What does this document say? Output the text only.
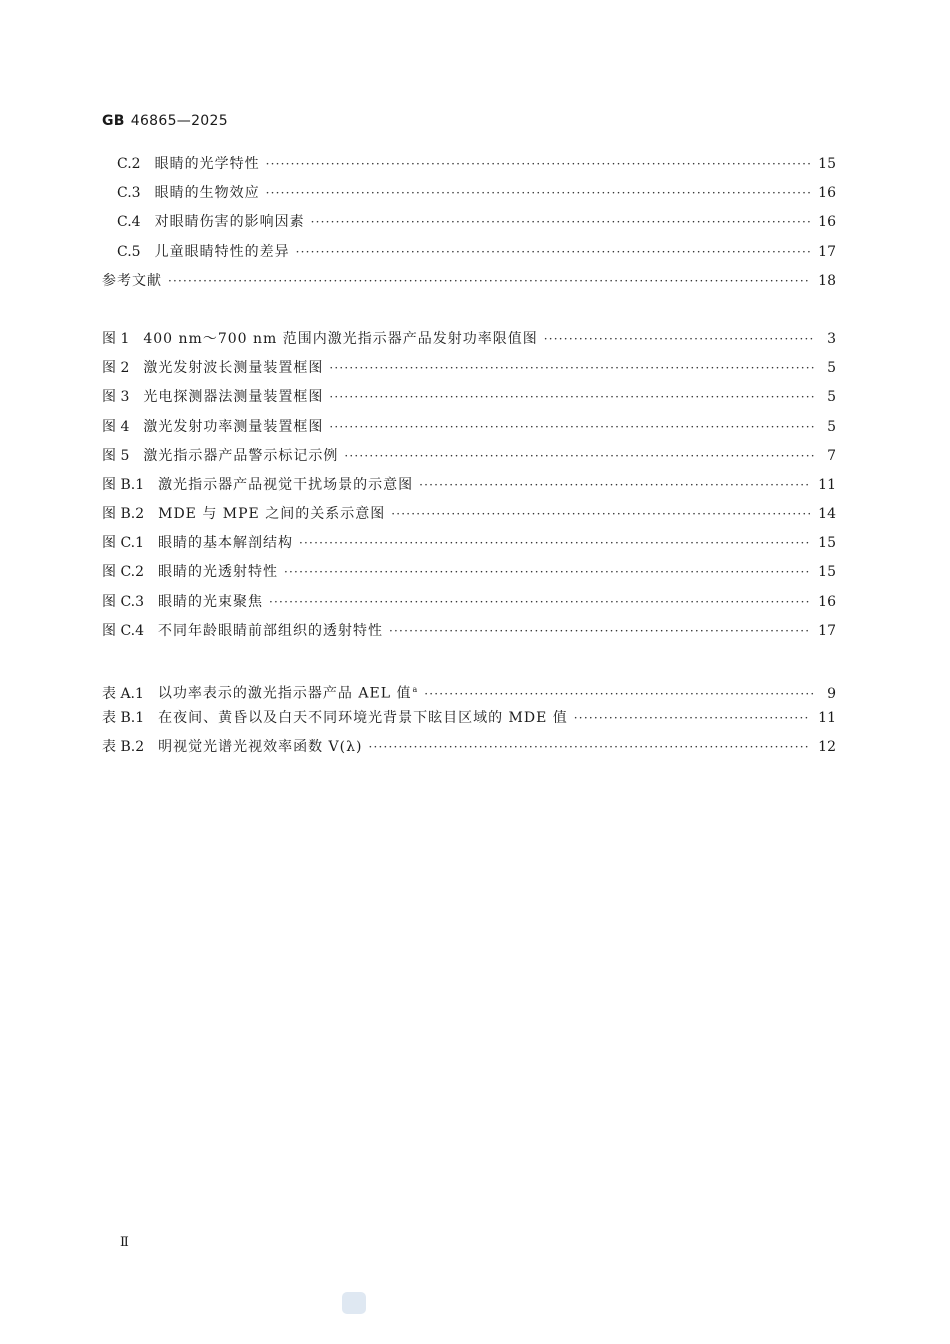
GB 46865—2025
C.2 眼睛的光学特性 ·····	15
C.3 眼睛的生物效应 ·····	16
C.4 对眼睛伤害的影响因素 ·····	16
C.5 儿童眼睛特性的差异 ·····	17
参考文献 ·····	18
图 1 400 nm～700 nm 范围内激光指示器产品发射功率限值图 ·····	3
图 2 激光发射波长测量装置框图 ·····	5
图 3 光电探测器法测量装置框图 ·····	5
图 4 激光发射功率测量装置框图 ·····	5
图 5 激光指示器产品警示标记示例 ·····	7
图 B.1 激光指示器产品视觉干扰场景的示意图 ·····	11
图 B.2 MDE 与 MPE 之间的关系示意图 ·····	14
图 C.1 眼睛的基本解剖结构 ·····	15
图 C.2 眼睛的光透射特性 ·····	15
图 C.3 眼睛的光束聚焦 ·····	16
图 C.4 不同年龄眼睛前部组织的透射特性 ·····	17
表 A.1 以功率表示的激光指示器产品 AEL 值$^a$ ·····	9
表 B.1 在夜间、黄昏以及白天不同环境光背景下眩目区域的 MDE 值 ·····	11
表 B.2 明视觉光谱光视效率函数 V(λ) ·····	12
Ⅱ
